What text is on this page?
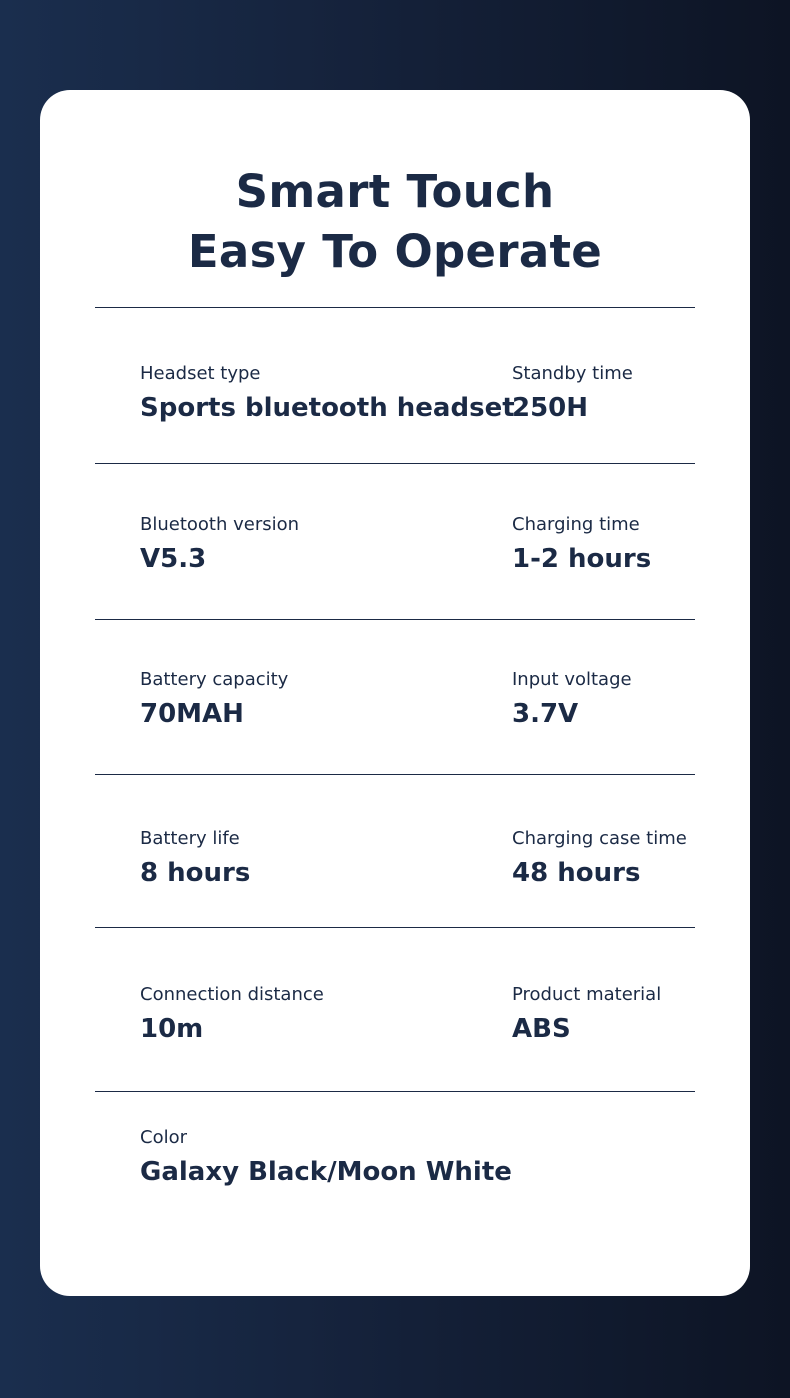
Smart Touch
Easy To Operate
Headset type
Sports bluetooth headset
Standby time
250H
Bluetooth version
V5.3
Charging time
1-2 hours
Battery capacity
70MAH
Input voltage
3.7V
Battery life
8 hours
Charging case time
48 hours
Connection distance
10m
Product material
ABS
Color
Galaxy Black/Moon White
